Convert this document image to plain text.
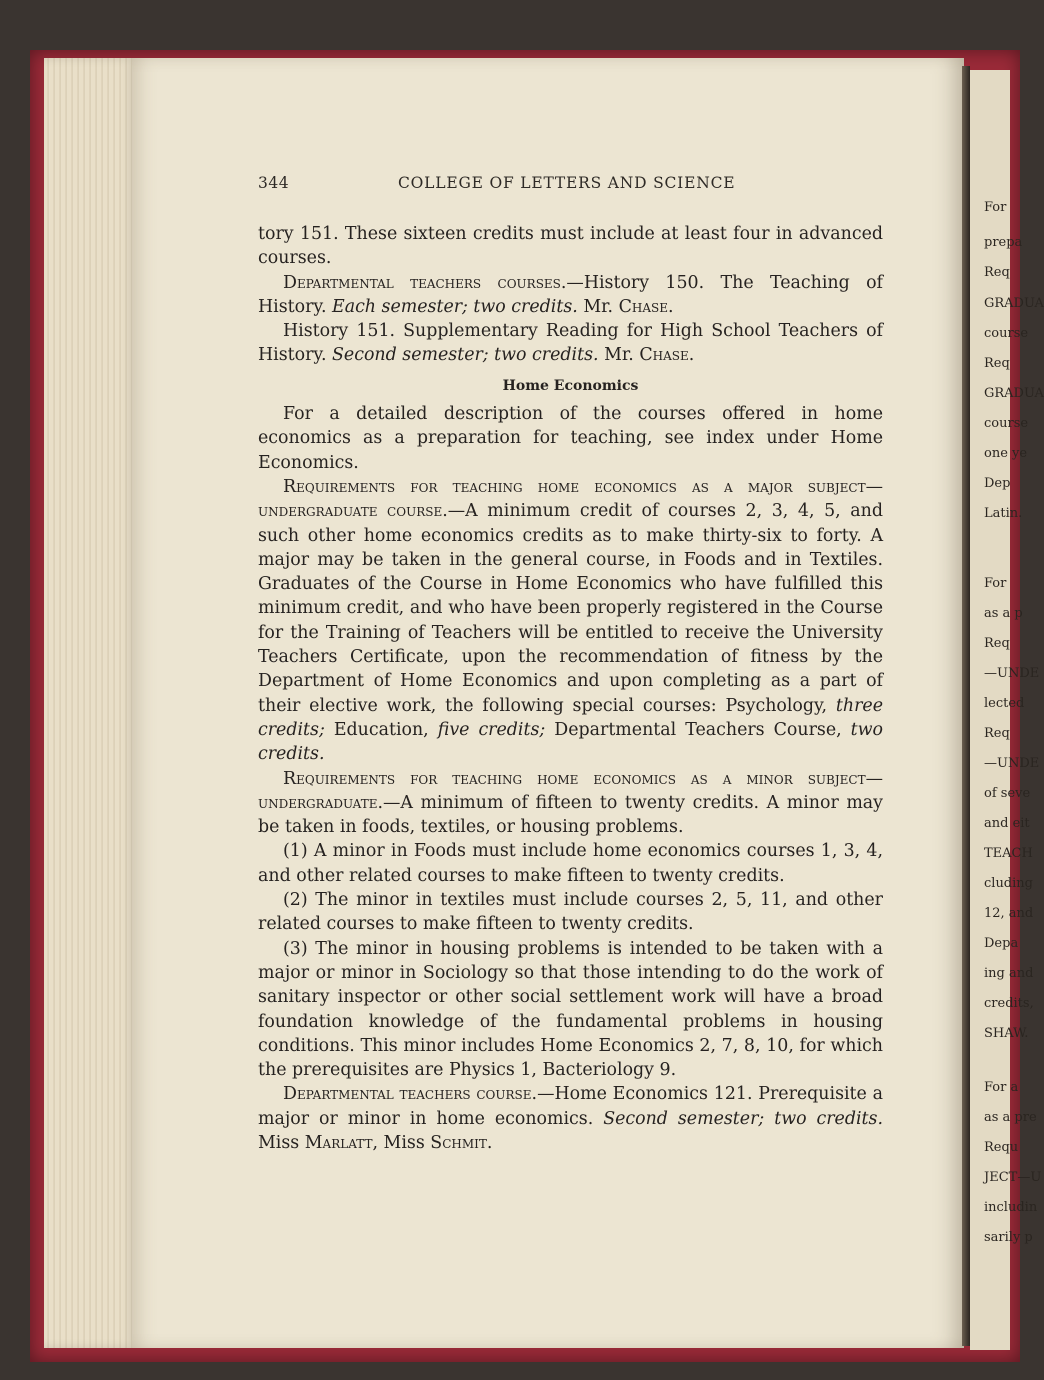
For
prepa
Req
GRADUA
course
Req
GRADUA
course
one ye
Dep
Latin.
For
as a p
Req
—UNDE
lected
Req
—UNDE
of seve
and eit
TEACH
cluding
12, and
Depa
ing and
credits,
SHAW.
For a
as a pre
Requ
JECT—U
includin
sarily p
344	COLLEGE OF LETTERS AND SCIENCE

tory 151. These sixteen credits must include at least four in advanced courses.

Departmental teachers courses.—History 150. The Teaching of History. Each semester; two credits. Mr. Chase.

History 151. Supplementary Reading for High School Teachers of History. Second semester; two credits. Mr. Chase.

Home Economics

For a detailed description of the courses offered in home economics as a preparation for teaching, see index under Home Economics.

Requirements for teaching home economics as a major subject—undergraduate course.—A minimum credit of courses 2, 3, 4, 5, and such other home economics credits as to make thirty-six to forty. A major may be taken in the general course, in Foods and in Textiles. Graduates of the Course in Home Economics who have fulfilled this minimum credit, and who have been properly registered in the Course for the Training of Teachers will be entitled to receive the University Teachers Certificate, upon the recommendation of fitness by the Department of Home Economics and upon completing as a part of their elective work, the following special courses: Psychology, three credits; Education, five credits; Departmental Teachers Course, two credits.

Requirements for teaching home economics as a minor subject—undergraduate.—A minimum of fifteen to twenty credits. A minor may be taken in foods, textiles, or housing problems.

(1) A minor in Foods must include home economics courses 1, 3, 4, and other related courses to make fifteen to twenty credits.

(2) The minor in textiles must include courses 2, 5, 11, and other related courses to make fifteen to twenty credits.

(3) The minor in housing problems is intended to be taken with a major or minor in Sociology so that those intending to do the work of sanitary inspector or other social settlement work will have a broad foundation knowledge of the fundamental problems in housing conditions. This minor includes Home Economics 2, 7, 8, 10, for which the prerequisites are Physics 1, Bacteriology 9.

Departmental teachers course.—Home Economics 121. Prerequisite a major or minor in home economics. Second semester; two credits. Miss Marlatt, Miss Schmit.
